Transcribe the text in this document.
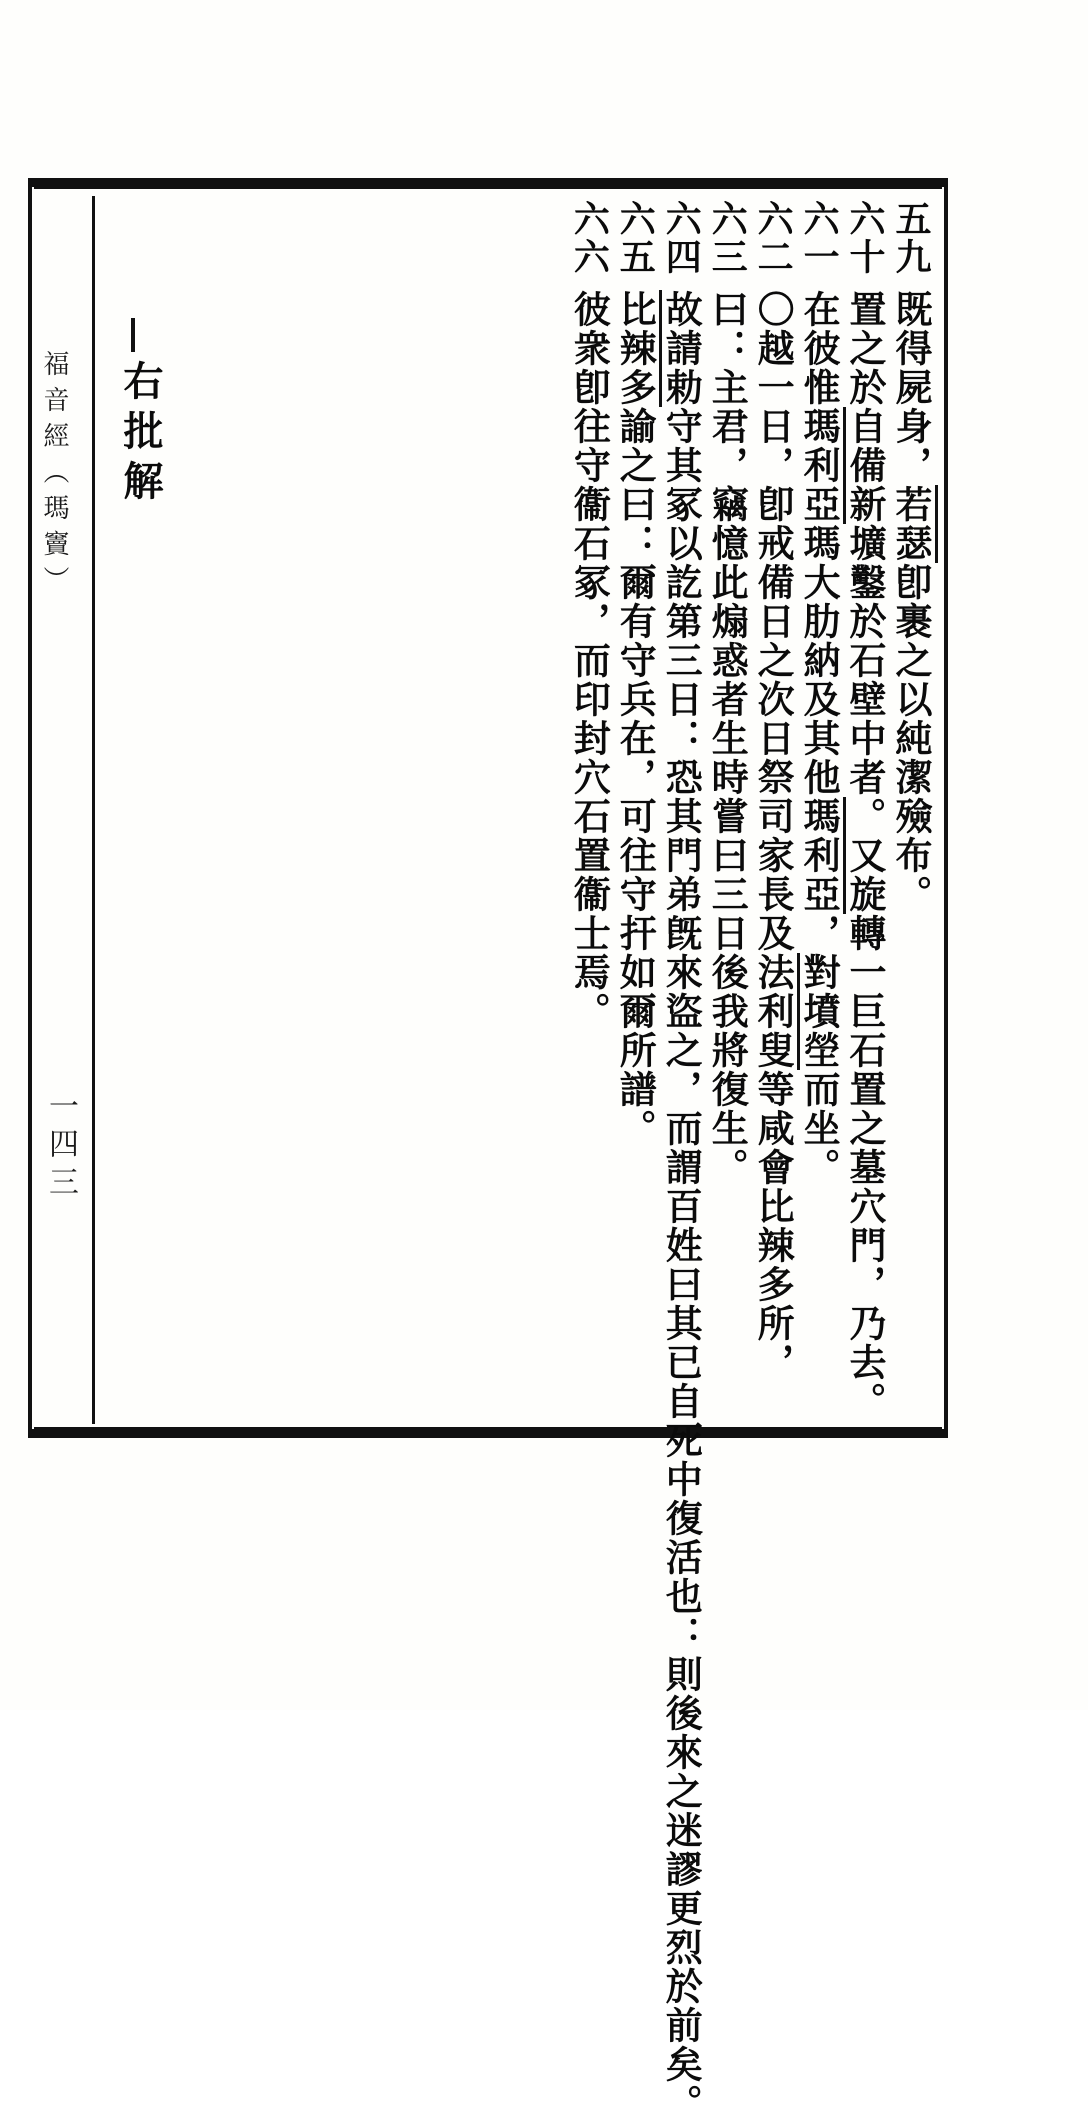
福音經（瑪竇）
一四三
右批解
五九既得屍身，若瑟卽裹之以純潔殮布。
六十置之於自備新壙鑿於石壁中者。又旋轉一巨石置之墓穴門，乃去。
六一在彼惟瑪利亞瑪大肋納及其他瑪利亞，對墳塋而坐。
六二〇越一日，卽戒備日之次日祭司家長及法利叟等咸會比辣多所，
六三曰：主君，竊憶此煽惑者生時嘗曰三日後我將復生。
六四故請勅守其冢以訖第三日：恐其門弟旣來盜之，而謂百姓曰其已自死中復活也：則後來之迷謬更烈於前矣。
六五比辣多諭之曰：爾有守兵在，可往守扞如爾所譜。
六六彼衆卽往守衞石冢，而印封穴石置衞士焉。
